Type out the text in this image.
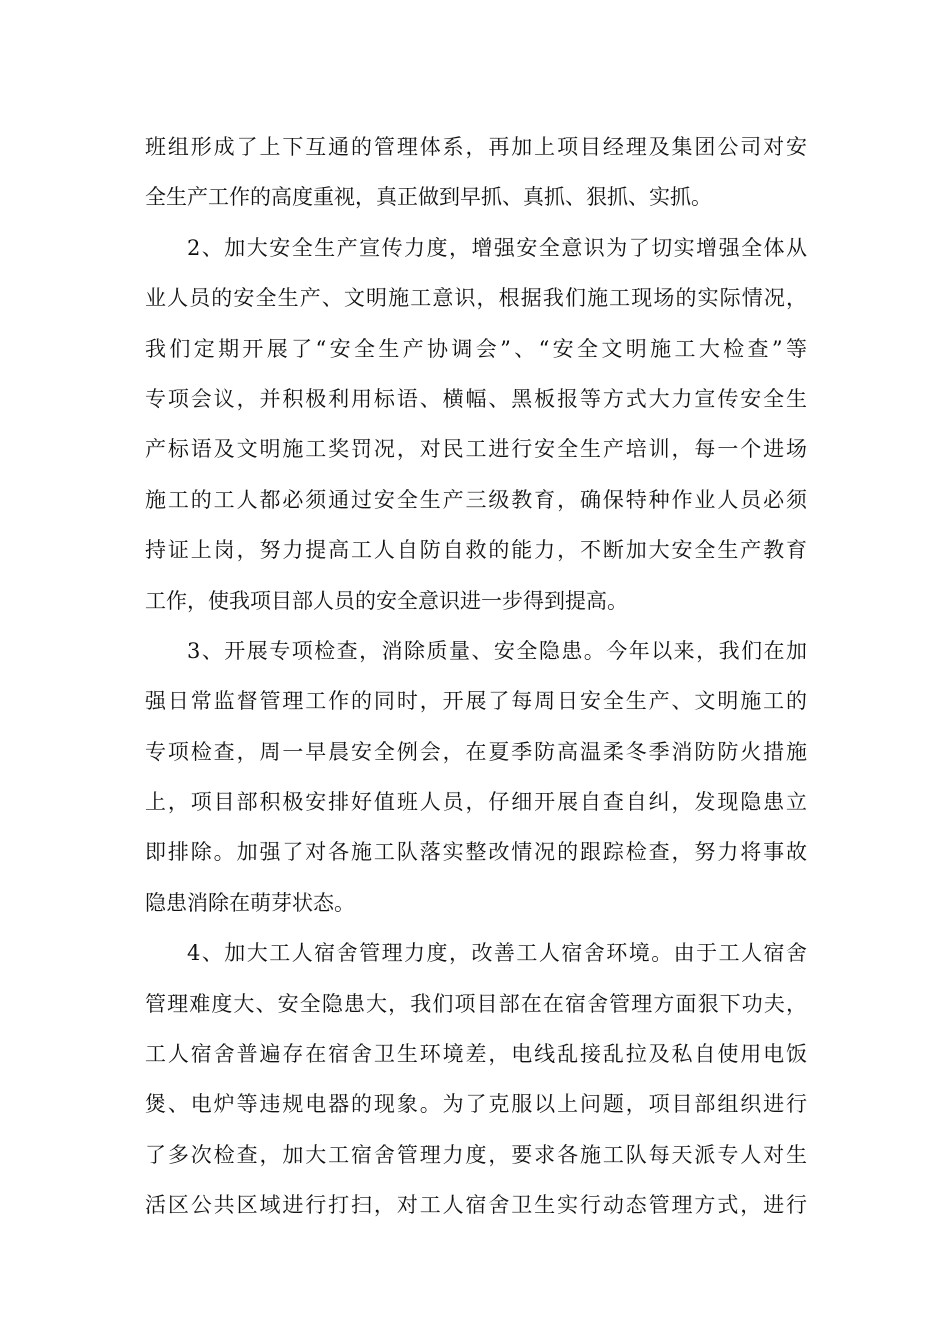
班组形成了上下互通的管理体系，再加上项目经理及集团公司对安
全生产工作的高度重视，真正做到早抓、真抓、狠抓、实抓。
2、加大安全生产宣传力度，增强安全意识为了切实增强全体从
业人员的安全生产、文明施工意识，根据我们施工现场的实际情况，
我们定期开展了“安全生产协调会”、“安全文明施工大检查”等
专项会议，并积极利用标语、横幅、黑板报等方式大力宣传安全生
产标语及文明施工奖罚况，对民工进行安全生产培训，每一个进场
施工的工人都必须通过安全生产三级教育，确保特种作业人员必须
持证上岗，努力提高工人自防自救的能力，不断加大安全生产教育
工作，使我项目部人员的安全意识进一步得到提高。
3、开展专项检查，消除质量、安全隐患。今年以来，我们在加
强日常监督管理工作的同时，开展了每周日安全生产、文明施工的
专项检查，周一早晨安全例会，在夏季防高温柔冬季消防防火措施
上，项目部积极安排好值班人员，仔细开展自查自纠，发现隐患立
即排除。加强了对各施工队落实整改情况的跟踪检查，努力将事故
隐患消除在萌芽状态。
4、加大工人宿舍管理力度，改善工人宿舍环境。由于工人宿舍
管理难度大、安全隐患大，我们项目部在在宿舍管理方面狠下功夫，
工人宿舍普遍存在宿舍卫生环境差，电线乱接乱拉及私自使用电饭
煲、电炉等违规电器的现象。为了克服以上问题，项目部组织进行
了多次检查，加大工宿舍管理力度，要求各施工队每天派专人对生
活区公共区域进行打扫，对工人宿舍卫生实行动态管理方式，进行
